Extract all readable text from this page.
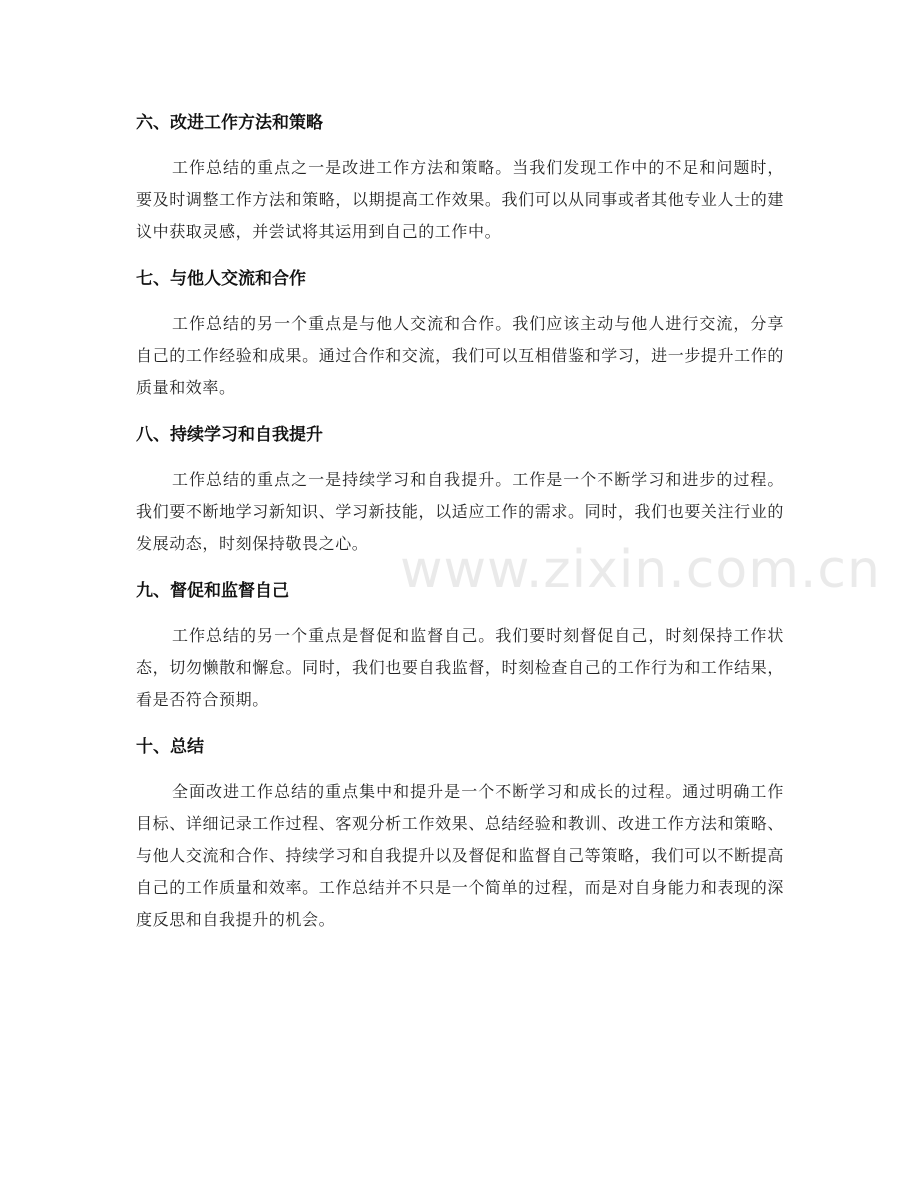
六、改进工作方法和策略

工作总结的重点之一是改进工作方法和策略。当我们发现工作中的不足和问题时，要及时调整工作方法和策略，以期提高工作效果。我们可以从同事或者其他专业人士的建议中获取灵感，并尝试将其运用到自己的工作中。

七、与他人交流和合作

工作总结的另一个重点是与他人交流和合作。我们应该主动与他人进行交流，分享自己的工作经验和成果。通过合作和交流，我们可以互相借鉴和学习，进一步提升工作的质量和效率。

八、持续学习和自我提升

工作总结的重点之一是持续学习和自我提升。工作是一个不断学习和进步的过程。我们要不断地学习新知识、学习新技能，以适应工作的需求。同时，我们也要关注行业的发展动态，时刻保持敬畏之心。

九、督促和监督自己

工作总结的另一个重点是督促和监督自己。我们要时刻督促自己，时刻保持工作状态，切勿懒散和懈怠。同时，我们也要自我监督，时刻检查自己的工作行为和工作结果，看是否符合预期。

十、总结

全面改进工作总结的重点集中和提升是一个不断学习和成长的过程。通过明确工作目标、详细记录工作过程、客观分析工作效果、总结经验和教训、改进工作方法和策略、与他人交流和合作、持续学习和自我提升以及督促和监督自己等策略，我们可以不断提高自己的工作质量和效率。工作总结并不只是一个简单的过程，而是对自身能力和表现的深度反思和自我提升的机会。

www.zixin.com.cn
